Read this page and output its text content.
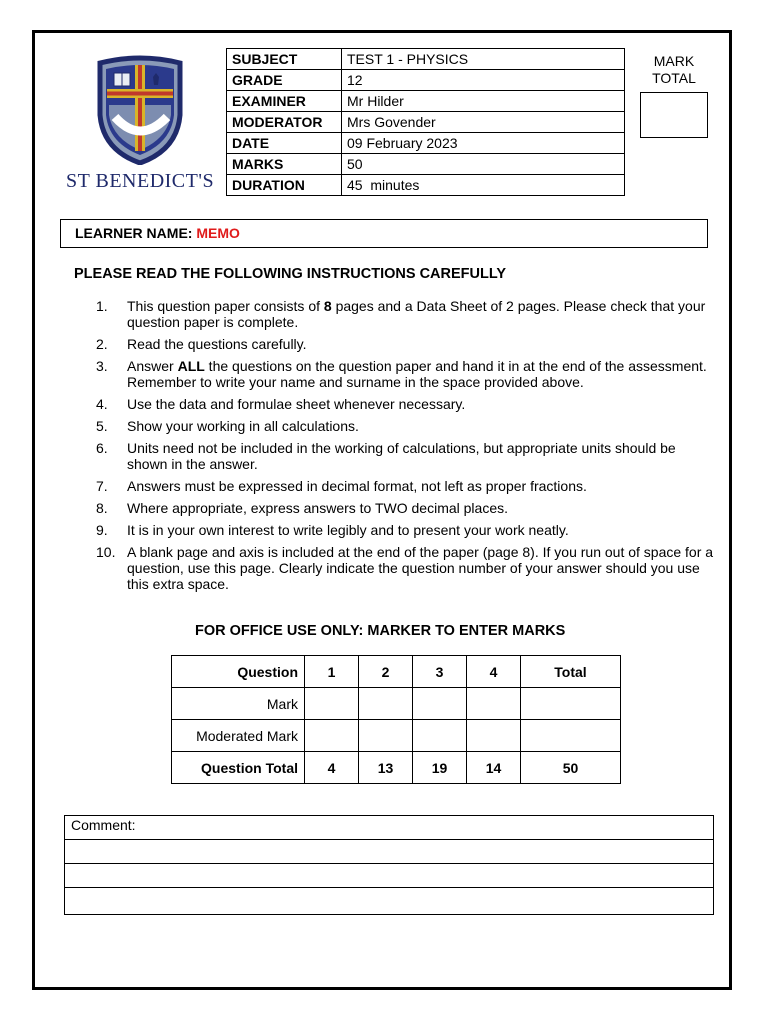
ST BENEDICT'S
SUBJECT	TEST 1 - PHYSICS
GRADE	12
EXAMINER	Mr Hilder
MODERATOR	Mrs Govender
DATE	09 February 2023
MARKS	50
DURATION	45  minutes
MARK
TOTAL
LEARNER NAME: MEMO
PLEASE READ THE FOLLOWING INSTRUCTIONS CAREFULLY
1. This question paper consists of 8 pages and a Data Sheet of 2 pages. Please check that your question paper is complete.
2. Read the questions carefully.
3. Answer ALL the questions on the question paper and hand it in at the end of the assessment. Remember to write your name and surname in the space provided above.
4. Use the data and formulae sheet whenever necessary.
5. Show your working in all calculations.
6. Units need not be included in the working of calculations, but appropriate units should be shown in the answer.
7. Answers must be expressed in decimal format, not left as proper fractions.
8. Where appropriate, express answers to TWO decimal places.
9. It is in your own interest to write legibly and to present your work neatly.
10. A blank page and axis is included at the end of the paper (page 8). If you run out of space for a question, use this page. Clearly indicate the question number of your answer should you use this extra space.
FOR OFFICE USE ONLY: MARKER TO ENTER MARKS
Question	1	2	3	4	Total
Mark					
Moderated Mark					
Question Total	4	13	19	14	50
Comment:
